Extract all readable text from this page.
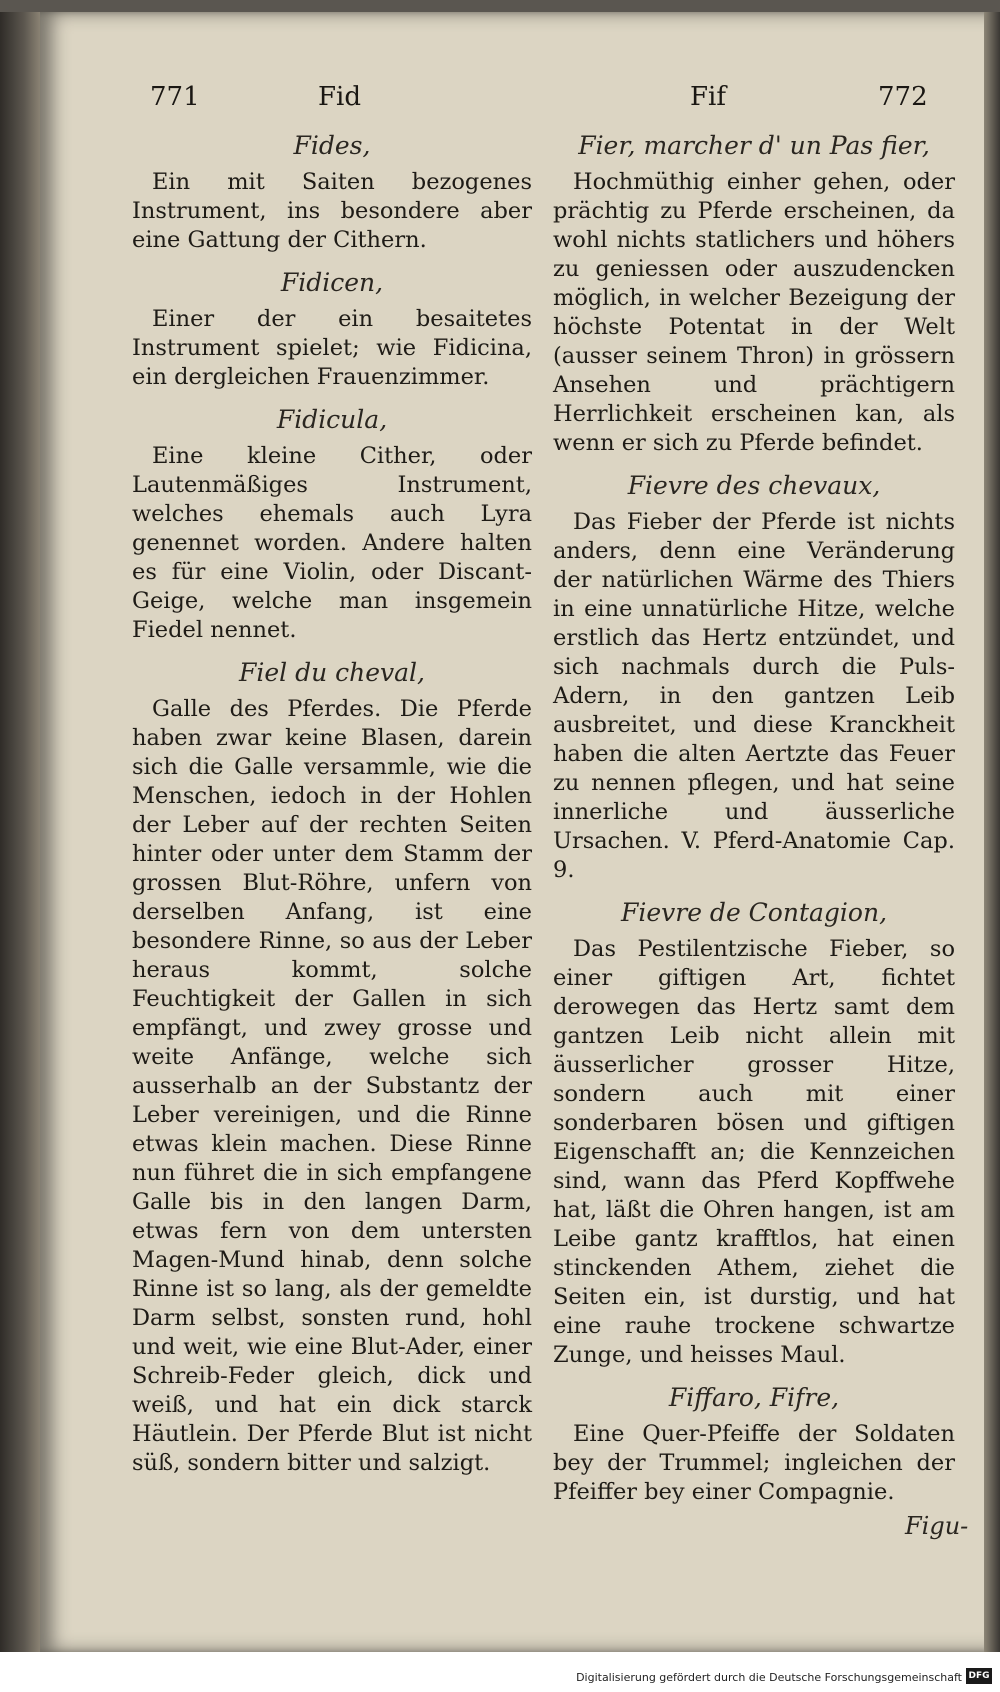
771	Fid	Fif	772

Fides,

Ein mit Saiten bezogenes Instrument, ins besondere aber eine Gattung der Cithern.

Fidicen,

Einer der ein besaitetes Instrument spielet; wie Fidicina, ein dergleichen Frauenzimmer.

Fidicula,

Eine kleine Cither, oder Lautenmäßiges Instrument, welches ehemals auch Lyra genennet worden. Andere halten es für eine Violin, oder Discant-Geige, welche man insgemein Fiedel nennet.

Fiel du cheval,

Galle des Pferdes. Die Pferde haben zwar keine Blasen, darein sich die Galle versammle, wie die Menschen, iedoch in der Hohlen der Leber auf der rechten Seiten hinter oder unter dem Stamm der grossen Blut-Röhre, unfern von derselben Anfang, ist eine besondere Rinne, so aus der Leber heraus kommt, solche Feuchtigkeit der Gallen in sich empfängt, und zwey grosse und weite Anfänge, welche sich ausserhalb an der Substantz der Leber vereinigen, und die Rinne etwas klein machen. Diese Rinne nun führet die in sich empfangene Galle bis in den langen Darm, etwas fern von dem untersten Magen-Mund hinab, denn solche Rinne ist so lang, als der gemeldte Darm selbst, sonsten rund, hohl und weit, wie eine Blut-Ader, einer Schreib-Feder gleich, dick und weiß, und hat ein dick starck Häutlein. Der Pferde Blut ist nicht süß, sondern bitter und salzigt.

Fier, marcher d' un Pas fier,

Hochmüthig einher gehen, oder prächtig zu Pferde erscheinen, da wohl nichts statlichers und höhers zu geniessen oder auszudencken möglich, in welcher Bezeigung der höchste Potentat in der Welt (ausser seinem Thron) in grössern Ansehen und prächtigern Herrlichkeit erscheinen kan, als wenn er sich zu Pferde befindet.

Fievre des chevaux,

Das Fieber der Pferde ist nichts anders, denn eine Veränderung der natürlichen Wärme des Thiers in eine unnatürliche Hitze, welche erstlich das Hertz entzündet, und sich nachmals durch die Puls-Adern, in den gantzen Leib ausbreitet, und diese Kranckheit haben die alten Aertzte das Feuer zu nennen pflegen, und hat seine innerliche und äusserliche Ursachen. V. Pferd-Anatomie Cap. 9.

Fievre de Contagion,

Das Pestilentzische Fieber, so einer giftigen Art, fichtet derowegen das Hertz samt dem gantzen Leib nicht allein mit äusserlicher grosser Hitze, sondern auch mit einer sonderbaren bösen und giftigen Eigenschafft an; die Kennzeichen sind, wann das Pferd Kopffwehe hat, läßt die Ohren hangen, ist am Leibe gantz krafftlos, hat einen stinckenden Athem, ziehet die Seiten ein, ist durstig, und hat eine rauhe trockene schwartze Zunge, und heisses Maul.

Fiffaro, Fifre,

Eine Quer-Pfeiffe der Soldaten bey der Trummel; ingleichen der Pfeiffer bey einer Compagnie.

Figu-
Digitalisierung gefördert durch die Deutsche Forschungsgemeinschaft DFG
